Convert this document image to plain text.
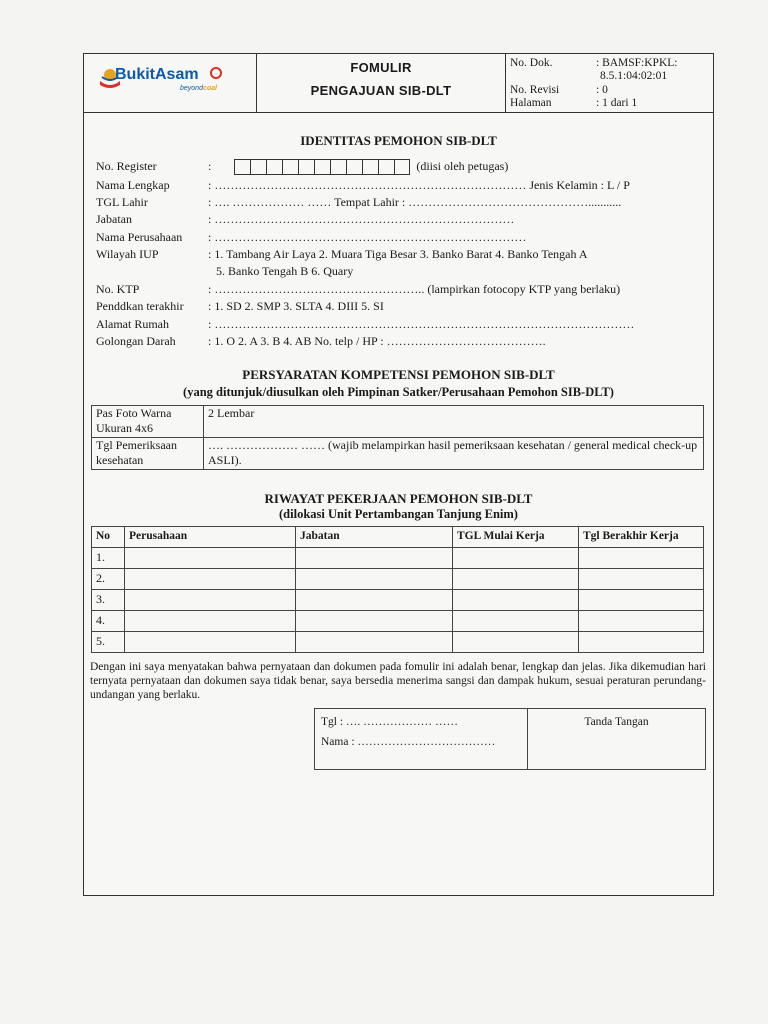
BukitAsam
beyondcoal
FOMULIR
PENGAJUAN SIB-DLT
No. Dok.	: BAMSF:KPKL:
8.5.1:04:02:01
No. Revisi	: 0
Halaman	: 1 dari 1
IDENTITAS PEMOHON SIB-DLT
No. Register	:	(diisi oleh petugas)
Nama Lengkap	: …………………………………………………………………… Jenis Kelamin : L / P
TGL Lahir	: …. ……………… …… Tempat Lahir : ………………………………………...........
Jabatan	: …………………………………………………………………
Nama Perusahaan : ……………………………………………………………………
Wilayah IUP	: 1. Tambang Air Laya 2. Muara Tiga Besar 3. Banko Barat 4. Banko Tengah A
5. Banko Tengah B 6. Quary
No. KTP	: …………………………………………….. (lampirkan fotocopy KTP yang berlaku)
Penddkan terakhir : 1. SD 2. SMP 3. SLTA 4. DIII 5. SI
Alamat Rumah	: ……………………………………………………………………………………………
Golongan Darah	: 1. O 2. A 3. B 4. AB No. telp / HP : ………………………………….
PERSYARATAN KOMPETENSI PEMOHON SIB-DLT
(yang ditunjuk/diusulkan oleh Pimpinan Satker/Perusahaan Pemohon SIB-DLT)
Pas Foto Warna Ukuran 4x6	2 Lembar
Tgl Pemeriksaan kesehatan	…. ……………… …… (wajib melampirkan hasil pemeriksaan kesehatan / general medical check-up ASLI).
RIWAYAT PEKERJAAN PEMOHON SIB-DLT
(dilokasi Unit Pertambangan Tanjung Enim)
No	Perusahaan	Jabatan	TGL Mulai Kerja	Tgl Berakhir Kerja
1.				
2.				
3.				
4.				
5.				
Dengan ini saya menyatakan bahwa pernyataan dan dokumen pada fomulir ini adalah benar, lengkap dan jelas. Jika dikemudian hari ternyata pernyataan dan dokumen saya tidak benar, saya bersedia menerima sangsi dan dampak hukum, sesuai peraturan perundang-undangan yang berlaku.
Tgl : …. ……………… ……
Nama : ………………………………
Tanda Tangan
